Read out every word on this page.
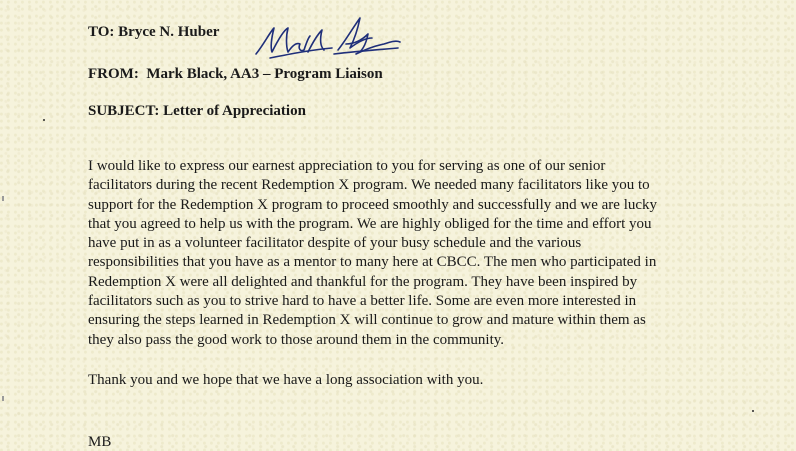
TO: Bryce N. Huber
FROM: Mark Black, AA3 – Program Liaison
SUBJECT: Letter of Appreciation

I would like to express our earnest appreciation to you for serving as one of our senior
facilitators during the recent Redemption X program. We needed many facilitators like you to
support for the Redemption X program to proceed smoothly and successfully and we are lucky
that you agreed to help us with the program. We are highly obliged for the time and effort you
have put in as a volunteer facilitator despite of your busy schedule and the various
responsibilities that you have as a mentor to many here at CBCC. The men who participated in
Redemption X were all delighted and thankful for the program. They have been inspired by
facilitators such as you to strive hard to have a better life. Some are even more interested in
ensuring the steps learned in Redemption X will continue to grow and mature within them as
they also pass the good work to those around them in the community.

Thank you and we hope that we have a long association with you.
MB
